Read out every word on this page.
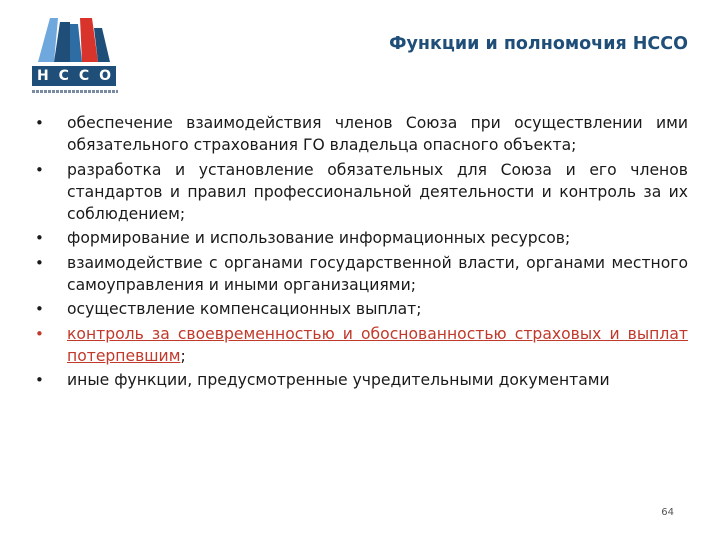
Н С С О
Функции и полномочия НССО
• обеспечение взаимодействия членов Союза при осуществлении ими обязательного страхования ГО владельца опасного объекта;
• разработка и установление обязательных для Союза и его членов стандартов и правил профессиональной деятельности и контроль за их соблюдением;
• формирование и использование информационных ресурсов;
• взаимодействие с органами государственной власти, органами местного самоуправления и иными организациями;
• осуществление компенсационных выплат;
• контроль за своевременностью и обоснованностью страховых и выплат потерпевшим;
• иные функции, предусмотренные учредительными документами
64
